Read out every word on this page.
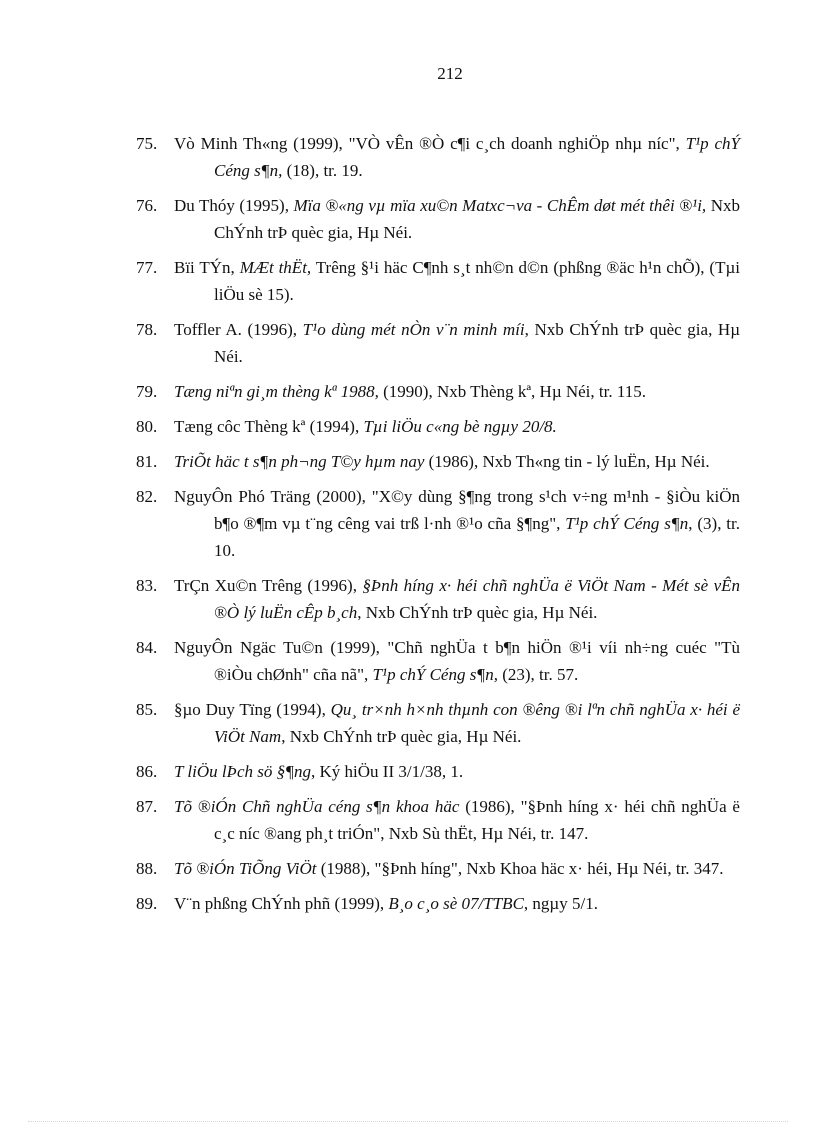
212
75. Vò Minh Th«ng (1999), "VÒ vÊn ®Ò c¶i c¸ch doanh nghiÖp nhµ níc", T¹p chÝ Céng s¶n, (18), tr. 19.
76. Du Thóy (1995), Mïa ®«ng vµ mïa xu©n Matxc¬va - ChÊm døt mét thêi ®¹i, Nxb ChÝnh trÞ quèc gia, Hµ Néi.
77. Bïi TÝn, MÆt thËt, Trêng §¹i häc C¶nh s¸t nh©n d©n (phßng ®äc h¹n chÕ), (Tµi liÖu sè 15).
78. Toffler A. (1996), T¹o dùng mét nÒn v¨n minh míi, Nxb ChÝnh trÞ quèc gia, Hµ Néi.
79. Tæng niªn gi¸m thèng kª 1988, (1990), Nxb Thèng kª, Hµ Néi, tr. 115.
80. Tæng côc Thèng kª (1994), Tµi liÖu c«ng bè ngµy 20/8.
81. TriÕt häc t s¶n ph¬ng T©y hµm nay (1986), Nxb Th«ng tin - lý luËn, Hµ Néi.
82. NguyÔn Phó Träng (2000), "X©y dùng §¶ng trong s¹ch v÷ng m¹nh - §iÒu kiÖn b¶o ®¶m vµ t¨ng cêng vai trß l·nh ®¹o cña §¶ng", T¹p chÝ Céng s¶n, (3), tr. 10.
83. TrÇn Xu©n Trêng (1996), §Þnh híng x· héi chñ nghÜa ë ViÖt Nam - Mét sè vÊn ®Ò lý luËn cÊp b¸ch, Nxb ChÝnh trÞ quèc gia, Hµ Néi.
84. NguyÔn Ngäc Tu©n (1999), "Chñ nghÜa t b¶n hiÖn ®¹i víi nh÷ng cuéc "Tù ®iÒu chØnh" cña nã", T¹p chÝ Céng s¶n, (23), tr. 57.
85. §µo Duy Tïng (1994), Qu¸ tr×nh h×nh thµnh con ®êng ®i lªn chñ nghÜa x· héi ë ViÖt Nam, Nxb ChÝnh trÞ quèc gia, Hµ Néi.
86. T liÖu lÞch sö §¶ng, Ký hiÖu II 3/1/38, 1.
87. Tõ ®iÓn Chñ nghÜa céng s¶n khoa häc (1986), "§Þnh híng x· héi chñ nghÜa ë c¸c níc ®ang ph¸t triÓn", Nxb Sù thËt, Hµ Néi, tr. 147.
88. Tõ ®iÓn TiÕng ViÖt (1988), "§Þnh híng", Nxb Khoa häc x· héi, Hµ Néi, tr. 347.
89. V¨n phßng ChÝnh phñ (1999), B¸o c¸o sè 07/TTBC, ngµy 5/1.
